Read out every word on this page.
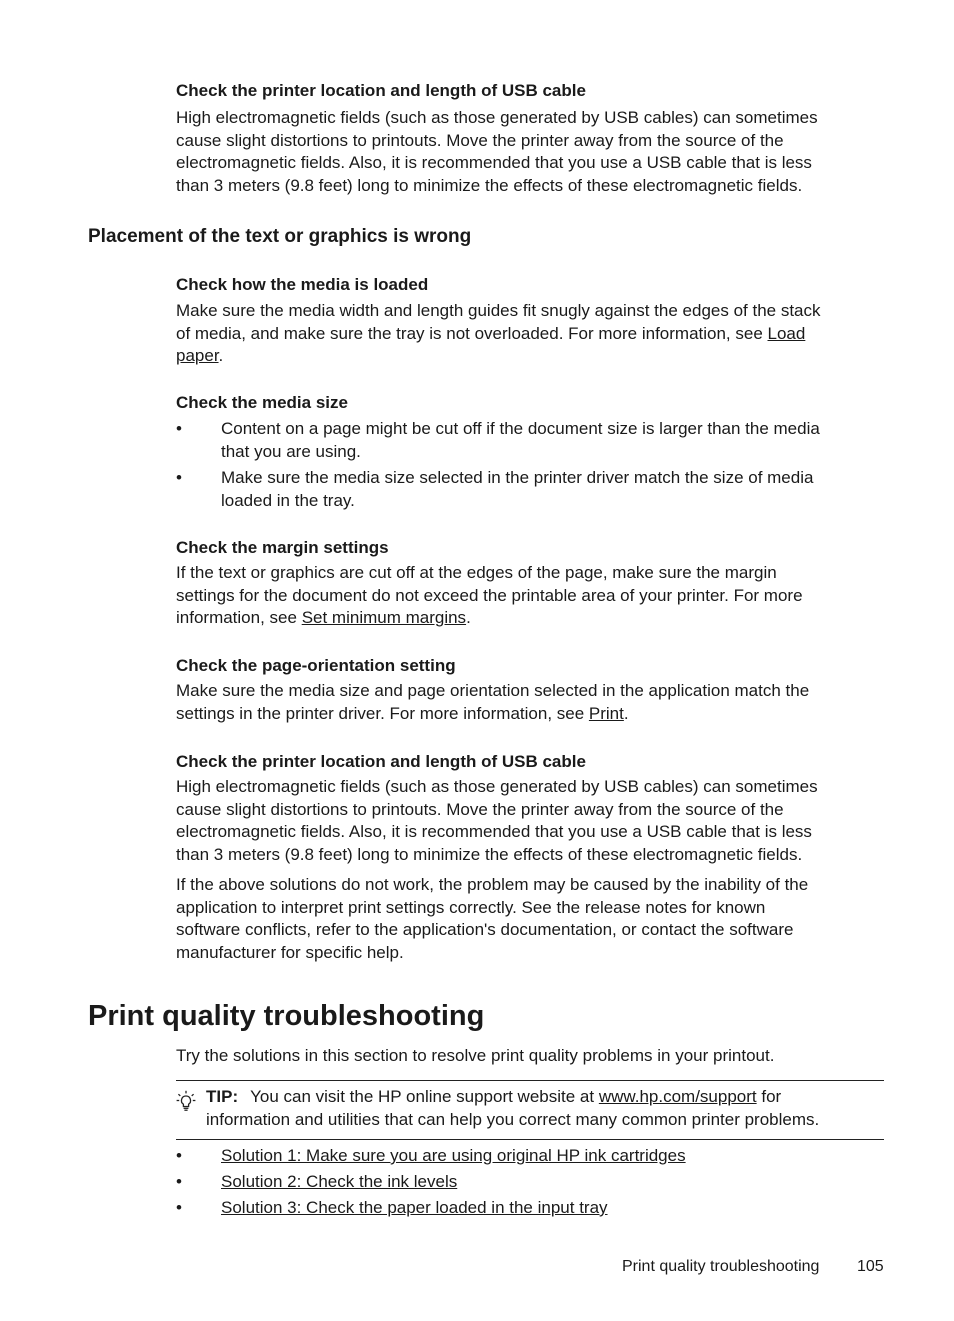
Check the printer location and length of USB cable

High electromagnetic fields (such as those generated by USB cables) can sometimes

cause slight distortions to printouts. Move the printer away from the source of the

electromagnetic fields. Also, it is recommended that you use a USB cable that is less

than 3 meters (9.8 feet) long to minimize the effects of these electromagnetic fields.

Placement of the text or graphics is wrong
Check how the media is loaded

Make sure the media width and length guides fit snugly against the edges of the stack

of media, and make sure the tray is not overloaded. For more information, see Load

paper.

Check the media size
• Content on a page might be cut off if the document size is larger than the media
that you are using.
• Make sure the media size selected in the printer driver match the size of media
loaded in the tray.
Check the margin settings

If the text or graphics are cut off at the edges of the page, make sure the margin

settings for the document do not exceed the printable area of your printer. For more

information, see Set minimum margins.

Check the page-orientation setting

Make sure the media size and page orientation selected in the application match the

settings in the printer driver. For more information, see Print.

Check the printer location and length of USB cable

High electromagnetic fields (such as those generated by USB cables) can sometimes

cause slight distortions to printouts. Move the printer away from the source of the

electromagnetic fields. Also, it is recommended that you use a USB cable that is less

than 3 meters (9.8 feet) long to minimize the effects of these electromagnetic fields.

If the above solutions do not work, the problem may be caused by the inability of the

application to interpret print settings correctly. See the release notes for known

software conflicts, refer to the application's documentation, or contact the software

manufacturer for specific help.

Print quality troubleshooting
Try the solutions in this section to resolve print quality problems in your printout.
TIP: You can visit the HP online support website at www.hp.com/support for
information and utilities that can help you correct many common printer problems.
• Solution 1: Make sure you are using original HP ink cartridges
• Solution 2: Check the ink levels
• Solution 3: Check the paper loaded in the input tray
Print quality troubleshooting 105
